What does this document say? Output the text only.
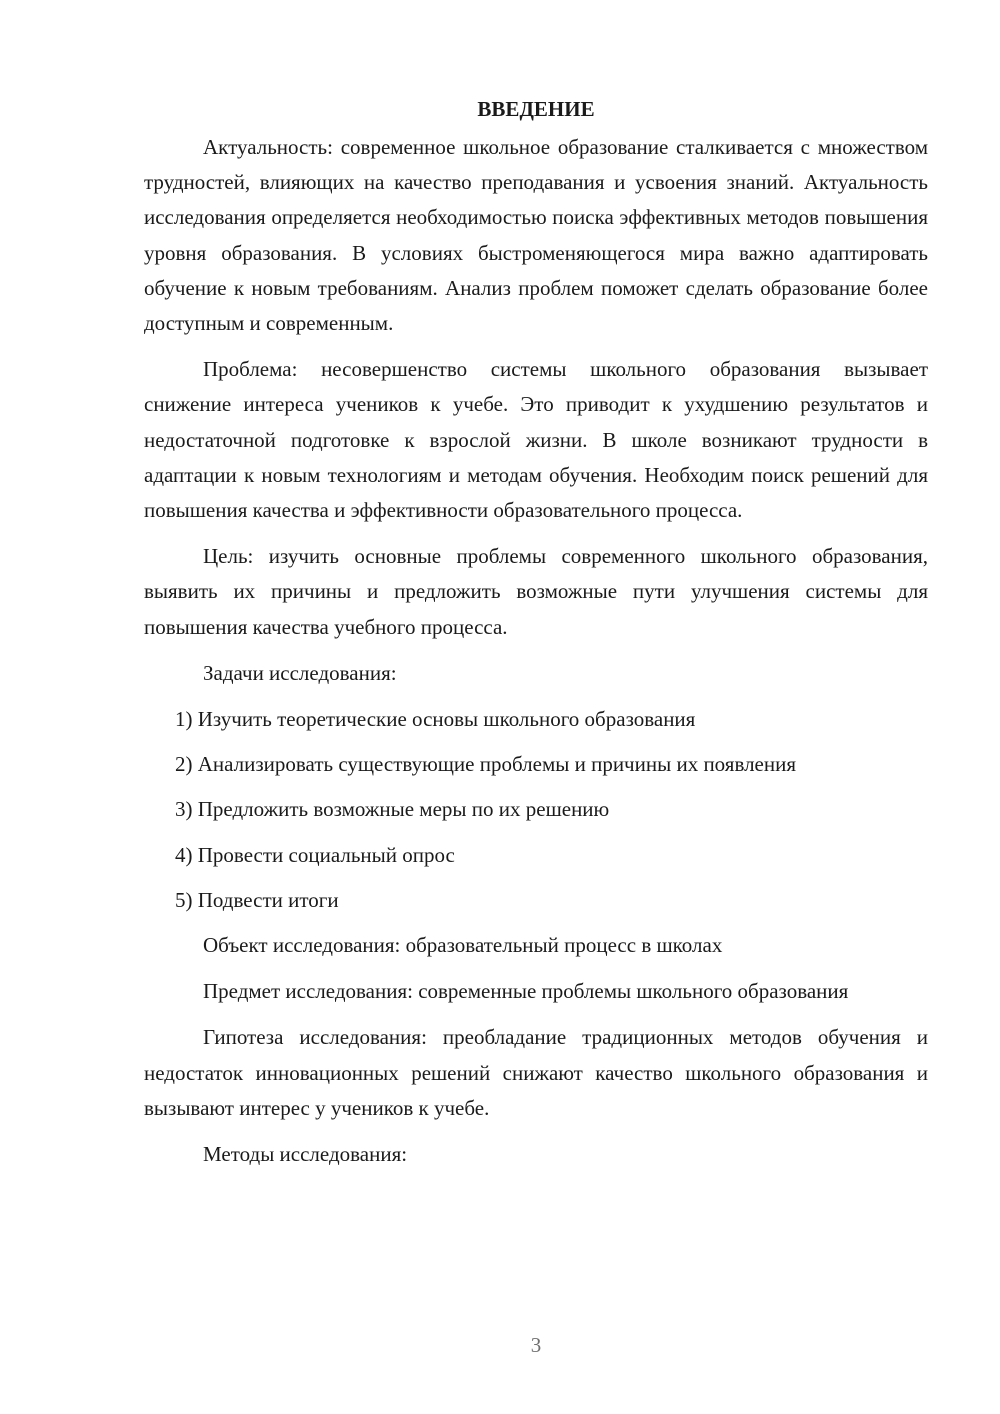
ВВЕДЕНИЕ

Актуальность: современное школьное образование сталкивается с множеством трудностей, влияющих на качество преподавания и усвоения знаний. Актуальность исследования определяется необходимостью поиска эффективных методов повышения уровня образования. В условиях быстроменяющегося мира важно адаптировать обучение к новым требованиям. Анализ проблем поможет сделать образование более доступным и современным.

Проблема: несовершенство системы школьного образования вызывает снижение интереса учеников к учебе. Это приводит к ухудшению результатов и недостаточной подготовке к взрослой жизни. В школе возникают трудности в адаптации к новым технологиям и методам обучения. Необходим поиск решений для повышения качества и эффективности образовательного процесса.

Цель: изучить основные проблемы современного школьного образования, выявить их причины и предложить возможные пути улучшения системы для повышения качества учебного процесса.

Задачи исследования:

1) Изучить теоретические основы школьного образования
2) Анализировать существующие проблемы и причины их появления
3) Предложить возможные меры по их решению
4) Провести социальный опрос
5) Подвести итоги

Объект исследования: образовательный процесс в школах

Предмет исследования: современные проблемы школьного образования

Гипотеза исследования: преобладание традиционных методов обучения и недостаток инновационных решений снижают качество школьного образования и вызывают интерес у учеников к учебе.

Методы исследования:

3
